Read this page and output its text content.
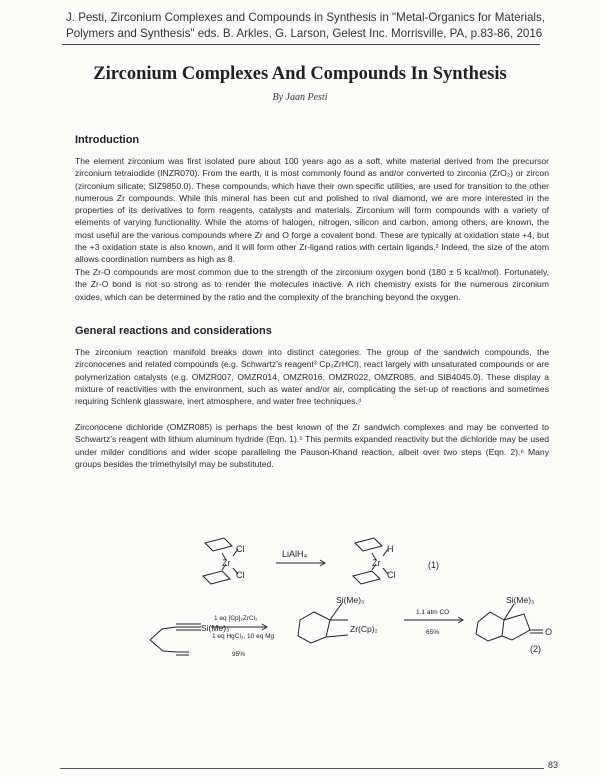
J. Pesti, Zirconium Complexes and Compounds in Synthesis in "Metal-Organics for Materials,
Polymers and Synthesis" eds. B. Arkles, G. Larson, Gelest Inc. Morrisville, PA, p.83-86, 2016
Zirconium Complexes And Compounds In Synthesis
By Jaan Pesti
Introduction

The element zirconium was first isolated pure about 100 years ago as a soft, white material derived from the precursor zirconium tetraiodide (INZR070). From the earth, it is most commonly found as and/or converted to zirconia (ZrO₂) or zircon (zirconium silicate; SIZ9850.0). These compounds, which have their own specific utilities, are used for transition to the other numerous Zr compounds. While this mineral has been cut and polished to rival diamond, we are more interested in the properties of its derivatives to form reagents, catalysts and materials. Zirconium will form compounds with a variety of elements of varying functionality. While the atoms of halogen, nitrogen, silicon and carbon, among others, are known, the most useful are the various compounds where Zr and O forge a covalent bond. These are typically at oxidation state +4, but the +3 oxidation state is also known, and it will form other Zr-ligand ratios with certain ligands.² Indeed, the size of the atom allows coordination numbers as high as 8.

The Zr-O compounds are most common due to the strength of the zirconium oxygen bond (180 ± 5 kcal/mol). Fortunately, the Zr-O bond is not so strong as to render the molecules inactive. A rich chemistry exists for the numerous zirconium oxides, which can be determined by the ratio and the complexity of the branching beyond the oxygen.

General reactions and considerations

The zirconium reaction manifold breaks down into distinct categories. The group of the sandwich compounds, the zirconocenes and related compounds (e.g. Schwartz's reagent³ Cp₂ZrHCl), react largely with unsaturated compounds or are polymerization catalysts (e.g. OMZR007, OMZR014, OMZR016, OMZR022, OMZR085, and SIB4045.0). These display a mixture of reactivities with the environment, such as water and/or air, complicating the set-up of reactions and sometimes requiring Schlenk glassware, inert atmosphere, and water free techniques.⁴

Zirconocene dichloride (OMZR085) is perhaps the best known of the Zr sandwich complexes and may be converted to Schwartz's reagent with lithium aluminum hydride (Eqn. 1).⁵ This permits expanded reactivity but the dichloride may be used under milder conditions and wider scope paralleling the Pauson-Khand reaction, albeit over two steps (Eqn. 2).⁶ Many groups besides the trimethylsilyl may be substituted.

Cl
Zr
Cl
LiAlH₄	H
Zr
Cl
(1)
Si(Me)₃
1 eq [Cp]₂ZrCl₂
1 eq HgCl₂, 10 eq Mg
95%
Si(Me)₃
Zr(Cp)₂
1.1 atm CO
65%
Si(Me)₃
O
(2)
83
